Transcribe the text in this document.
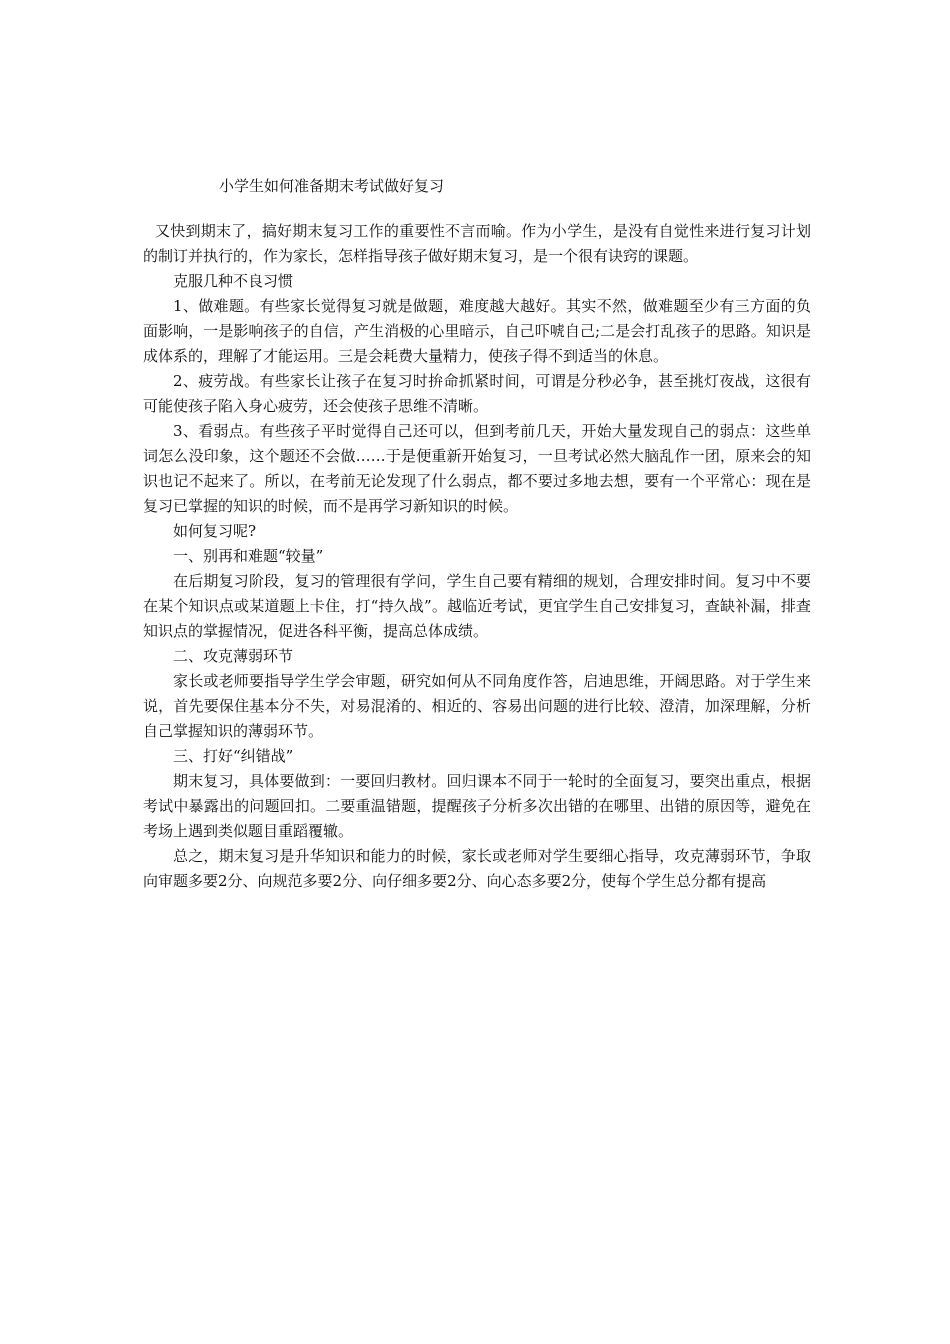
小学生如何准备期末考试做好复习

又快到期末了，搞好期末复习工作的重要性不言而喻。作为小学生，是没有自觉性来进行复习计划的制订并执行的，作为家长，怎样指导孩子做好期末复习，是一个很有诀窍的课题。

克服几种不良习惯

1、做难题。有些家长觉得复习就是做题，难度越大越好。其实不然，做难题至少有三方面的负面影响，一是影响孩子的自信，产生消极的心里暗示，自己吓唬自己;二是会打乱孩子的思路。知识是成体系的，理解了才能运用。三是会耗费大量精力，使孩子得不到适当的休息。

2、疲劳战。有些家长让孩子在复习时拚命抓紧时间，可谓是分秒必争，甚至挑灯夜战，这很有可能使孩子陷入身心疲劳，还会使孩子思维不清晰。

3、看弱点。有些孩子平时觉得自己还可以，但到考前几天，开始大量发现自己的弱点：这些单词怎么没印象，这个题还不会做……于是便重新开始复习，一旦考试必然大脑乱作一团，原来会的知识也记不起来了。所以，在考前无论发现了什么弱点，都不要过多地去想，要有一个平常心：现在是复习已掌握的知识的时候，而不是再学习新知识的时候。

如何复习呢?

一、别再和难题“较量”

在后期复习阶段，复习的管理很有学问，学生自己要有精细的规划，合理安排时间。复习中不要在某个知识点或某道题上卡住，打“持久战”。越临近考试，更宜学生自己安排复习，查缺补漏，排查知识点的掌握情况，促进各科平衡，提高总体成绩。

二、攻克薄弱环节

家长或老师要指导学生学会审题，研究如何从不同角度作答，启迪思维，开阔思路。对于学生来说，首先要保住基本分不失，对易混淆的、相近的、容易出问题的进行比较、澄清，加深理解，分析自己掌握知识的薄弱环节。

三、打好“纠错战”

期末复习，具体要做到：一要回归教材。回归课本不同于一轮时的全面复习，要突出重点，根据考试中暴露出的问题回扣。二要重温错题，提醒孩子分析多次出错的在哪里、出错的原因等，避免在考场上遇到类似题目重蹈覆辙。

总之，期末复习是升华知识和能力的时候，家长或老师对学生要细心指导，攻克薄弱环节，争取向审题多要2分、向规范多要2分、向仔细多要2分、向心态多要2分，使每个学生总分都有提高
